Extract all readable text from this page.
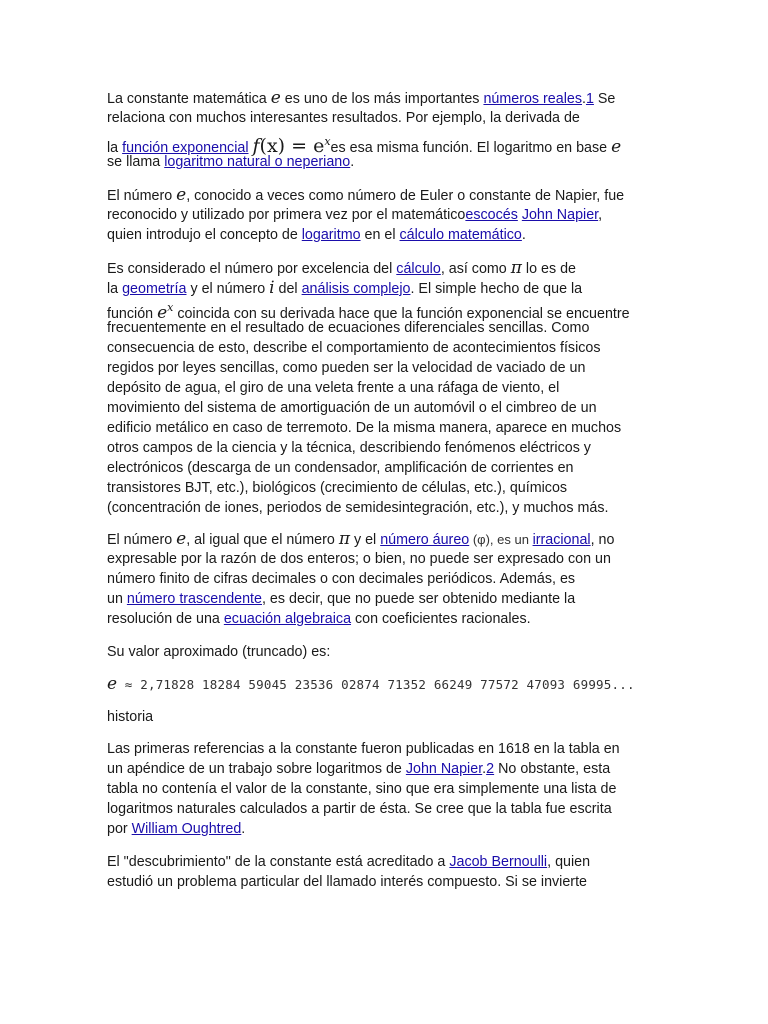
La constante matemática e es uno de los más importantes números reales.1 Se
relaciona con muchos interesantes resultados. Por ejemplo, la derivada de
la función exponencial $f(x) = e^xes$ esa misma función. El logaritmo en base e
se llama logaritmo natural o neperiano.
El número e, conocido a veces como número de Euler o constante de Napier, fue
reconocido y utilizado por primera vez por el matemáticoescocés John Napier,
quien introdujo el concepto de logaritmo en el cálculo matemático.
Es considerado el número por excelencia del cálculo, así como π lo es de
la geometría y el número i del análisis complejo. El simple hecho de que la
función $e^x$ coincida con su derivada hace que la función exponencial se encuentre
frecuentemente en el resultado de ecuaciones diferenciales sencillas. Como
consecuencia de esto, describe el comportamiento de acontecimientos físicos
regidos por leyes sencillas, como pueden ser la velocidad de vaciado de un
depósito de agua, el giro de una veleta frente a una ráfaga de viento, el
movimiento del sistema de amortiguación de un automóvil o el cimbreo de un
edificio metálico en caso de terremoto. De la misma manera, aparece en muchos
otros campos de la ciencia y la técnica, describiendo fenómenos eléctricos y
electrónicos (descarga de un condensador, amplificación de corrientes en
transistores BJT, etc.), biológicos (crecimiento de células, etc.), químicos
(concentración de iones, periodos de semidesintegración, etc.), y muchos más.
El número e, al igual que el número π y el número áureo (φ), es un irracional, no
expresable por la razón de dos enteros; o bien, no puede ser expresado con un
número finito de cifras decimales o con decimales periódicos. Además, es
un número trascendente, es decir, que no puede ser obtenido mediante la
resolución de una ecuación algebraica con coeficientes racionales.
Su valor aproximado (truncado) es:
e ≈ 2,71828 18284 59045 23536 02874 71352 66249 77572 47093 69995...
historia
Las primeras referencias a la constante fueron publicadas en 1618 en la tabla en
un apéndice de un trabajo sobre logaritmos de John Napier.2 No obstante, esta
tabla no contenía el valor de la constante, sino que era simplemente una lista de
logaritmos naturales calculados a partir de ésta. Se cree que la tabla fue escrita
por William Oughtred.
El "descubrimiento" de la constante está acreditado a Jacob Bernoulli, quien
estudió un problema particular del llamado interés compuesto. Si se invierte
